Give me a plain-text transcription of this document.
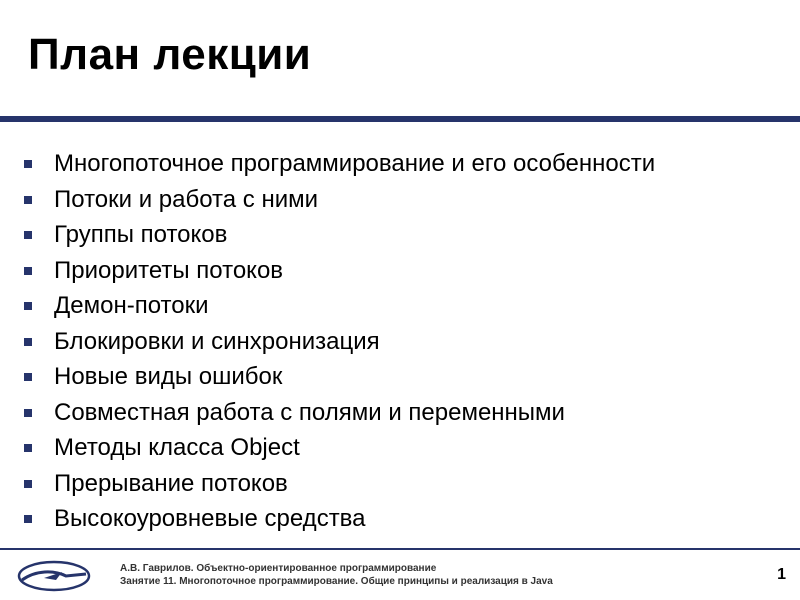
План лекции
Многопоточное программирование и его особенности
Потоки и работа с ними
Группы потоков
Приоритеты потоков
Демон-потоки
Блокировки и синхронизация
Новые виды ошибок
Совместная работа с полями и переменными
Методы класса Object
Прерывание потоков
Высокоуровневые средства
А.В. Гаврилов. Объектно-ориентированное программирование
Занятие 11. Многопоточное программирование. Общие принципы и реализация в Java	1
